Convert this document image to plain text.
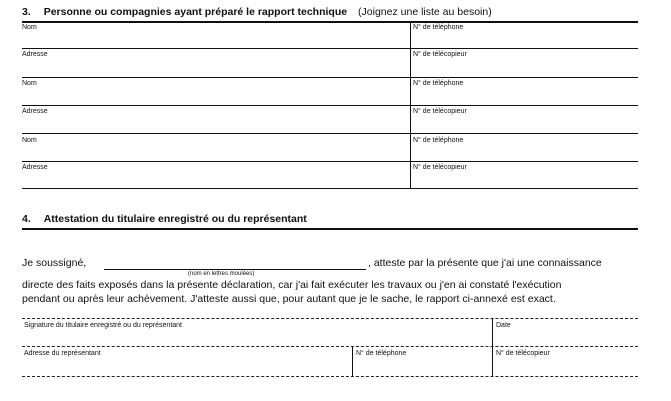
3. Personne ou compagnies ayant préparé le rapport technique (Joignez une liste au besoin)
Nom	N° de téléphone
Adresse	N° de télécopieur
Nom	N° de téléphone
Adresse	N° de télécopieur
Nom	N° de téléphone
Adresse	N° de télécopieur
4. Attestation du titulaire enregistré ou du représentant
Je soussigné,	, atteste par la présente que j'ai une connaissance
(nom en lettres moulées)
directe des faits exposés dans la présente déclaration, car j'ai fait exécuter les travaux ou j'en ai constaté l'exécution
pendant ou après leur achèvement. J'atteste aussi que, pour autant que je le sache, le rapport ci-annexé est exact.
Signature du titulaire enregistré ou du représentant	Date
Adresse du représentant	N° de téléphone	N° de télécopieur
